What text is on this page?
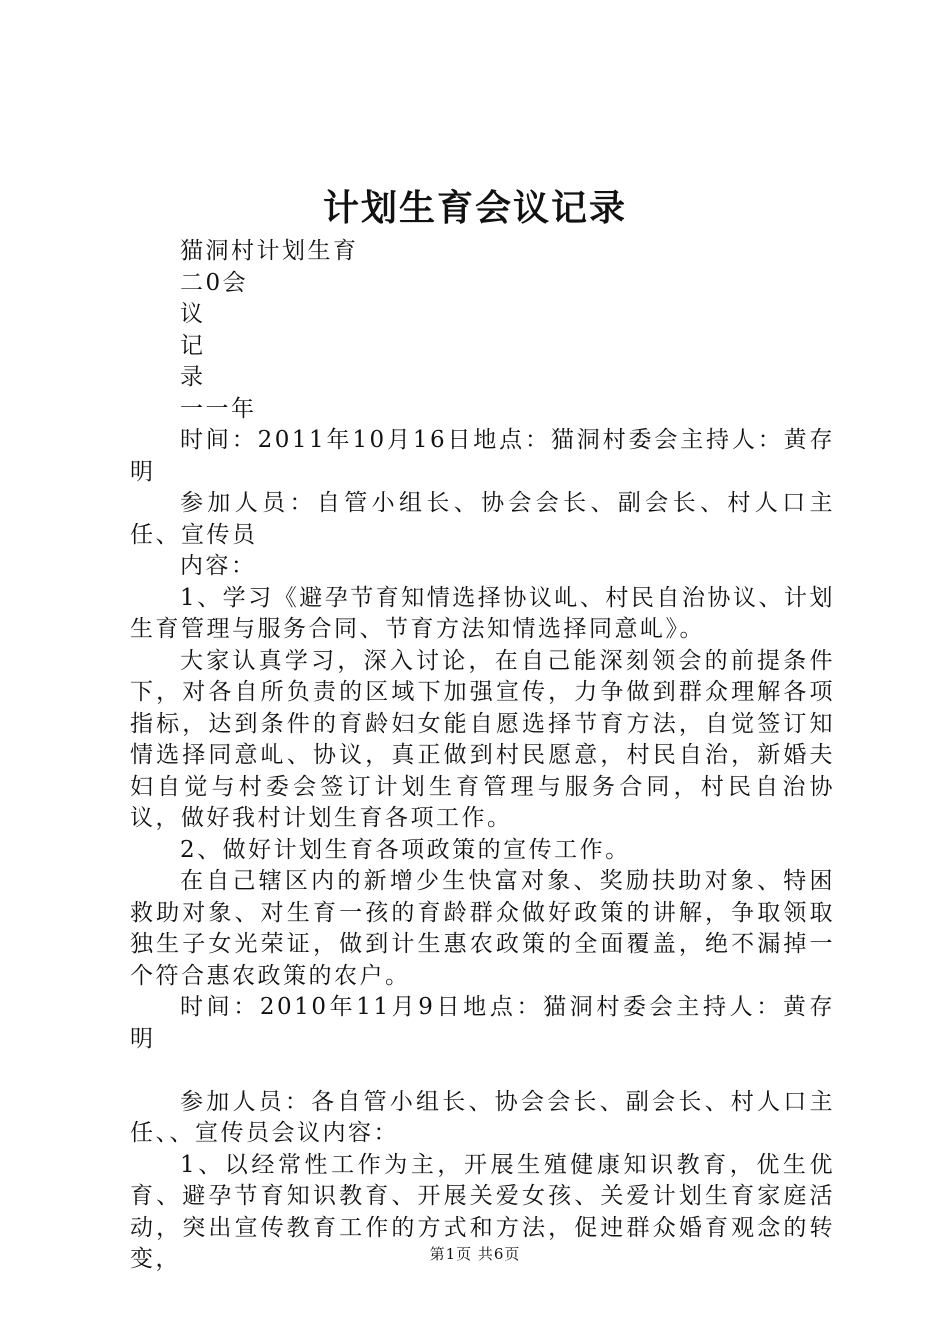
计划生育会议记录

猫洞村计划生育

二0会

议

记

录

一一年

时间：2011年10月16日地点：猫洞村委会主持人：黄存明

参加人员：自管小组长、协会会长、副会长、村人口主任、宣传员

内容：

1、学习《避孕节育知情选择协议乢、村民自治协议、计划生育管理与服务合同、节育方法知情选择同意乢》。

大家认真学习，深入讨论，在自己能深刻领会的前提条件下，对各自所负责的区域下加强宣传，力争做到群众理解各项指标，达到条件的育龄妇女能自愿选择节育方法，自觉签订知情选择同意乢、协议，真正做到村民愿意，村民自治，新婚夫妇自觉与村委会签订计划生育管理与服务合同，村民自治协议，做好我村计划生育各项工作。

2、做好计划生育各项政策的宣传工作。

在自己辖区内的新增少生快富对象、奖励扶助对象、特困救助对象、对生育一孩的育龄群众做好政策的讲解，争取领取独生子女光荣证，做到计生惠农政策的全面覆盖，绝不漏掉一个符合惠农政策的农户。

时间：2010年11月9日地点：猫洞村委会主持人：黄存明

参加人员：各自管小组长、协会会长、副会长、村人口主任、、宣传员会议内容：

1、以经常性工作为主，开展生殖健康知识教育，优生优育、避孕节育知识教育、开展关爱女孩、关爱计划生育家庭活动，突出宣传教育工作的方式和方法，促迚群众婚育观念的转变，	第1页 共6页
